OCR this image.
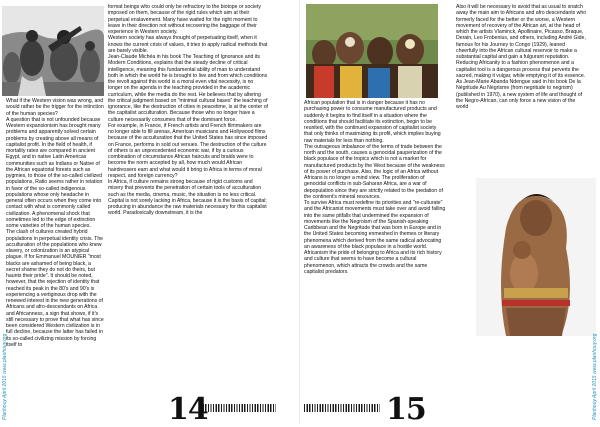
What if the Western vision was wrong, and would rather be the trigger for the intinction of the human species?

A question that is not unfounded because Western expansionism has brought many problems and apparently solved certain problems by creating above all means of capitalist profit. In the field of health, if mortality rates are compared in ancient Egypt, and in native Latin Americas communities such as Indians or Native of the African equatorial forests such as pygmies, to those of the so-called civilized populations, Ratio seems rather in relation in favor of the so-called indigenous populations whose only headache in general often occurs when they come into contact with what is commonly called civilization. A phenomenal shock that sometimes led to the edge of extinction some varieties of the human species.

The clash of cultures created hybrid populations in perpetual identity crisis. The acculturation of the populations who knew slavery, or colonization is an atypical plague. If for Emmanuel MOUNIER "most blacks are ashamed of being black, a secret shame they do not do theirs, but haunts their pride". It should be noted, however, that the rejection of identity that reached its peak in the 80's and 90's is experiencing a vertiginous drop with the renewed interest in the new generations of Africans and afro-descendants on Africa and Africanness, a sign that shows, if it's still necessary to prove that what has since been considered Western civilization is in full decline, because the latter has failed in its so-called civilizing mission by forcing itself to

format beings who could only be refractory to the biotope or society imposed on them, because of the rigid rules which aim at their perpetual enslavement. Many have waited for the right moment to leave in their direction not without recovering the baggage of their experience in Western society.

Western society has always thought of perpetuating itself, when it knows the current crisis of values, it tries to apply radical methods that are barely visible.

Jean-Claude Michéa in his book The Teaching of Ignorance and its Modern Conditions, explains that the steady decline of critical intelligence, meaning this fundamental ability of man to understand both in which the world he is brought to live and from which conditions the revolt against this world is a moral even vital necessity, is no longer on the agenda in the teaching provided in the academic curriculum, while the media do the rest. He believes that by altering the critical judgment based on "minimal cultural bases" the teaching of ignorance, like the destruction of cities in peacetime, is at the center of the capitalist acculturation. Because those who no longer have a culture necessarily consumes that of the dominant force.

For example, in France, if French artists and French filmmakers are no longer able to fill arenas, American musicians and Hollywood films because of the acculturation that the United States has since imposed on France, performs in sold out venues. The destruction of the culture of others is an unprecedented economic war, if by a curious combination of circumstance African haircuts and braids were to become the norm accepted by all, how much would African hairdressers earn and what would it bring to Africa in terms of moral respect, and foreign currency?

In Africa, if culture remains strong because of rigid customs and misery that prevents the penetration of certain tools of acculturation such as the media, cinema, music, the situation is no less critical.

Capital is not sorely lacking in Africa, because it is the basis of capital; producing in abundance the raw materials necessary for this capitalist world. Paradoxically downstream, it is the

14
Planhouy April 2015 www.planhouy.org

African population that is in danger because it has no purchasing power to consume manufactured products and suddenly it begins to find itself in a situation where the conditions that should facilitate its extinction, begin to be reunited, with the continued expansion of capitalist society that only thinks of maximizing its profit, which implies buying raw materials for less than nothing.

The outrageous imbalance of the terms of trade between the north and the south, causes a genocidal pauperization of the black populace of the tropics which is not a market for manufactured products by the West because of the weakness of its power of purchase. Also, the logic of an Africa without Africans is no longer a mind view. The proliferation of genocidal conflicts in sub-Saharan Africa, are a war of depopulation since they are strictly related to the predation of the continent's mineral resources.

To survive Africa must redefine its priorities and "re-culturate" and the Africanist movements must take over and avoid falling into the same pitfalls that undermined the expansion of movements like the Negroism of the Spanish-speaking Caribbean and the Negritude that was born in Europe and in the United States becoming enmeshed in themes or literary phenomena which derived from the same radical advocating an awareness of the black populace in a hostile world. Africanism the pride of belonging to Africa and its rich history and culture that seems to have become a cultural phenomenon, which attracts the crowds and the same capitalist predators.

Also it will be necessary to avoid that as usual to snatch away the main aim to Africans and afro descendants who formerly faced for the better or the worse, a Western movement of recovery of the African art, at the head of which the artists Vlaminck, Apollinaire, Picasso, Braque, Derain, Leo Frobenius, and others, including André Gide, famous for his Journey to Congo (1929), leaned cheerfully into the African cultural reservoir to make a substantial capital and gain a fulgurant reputation.

Reducing Africanity to a fashion phenomenon and a capitalist tool is a dangerous process that perverts the sacred, making it vulgar, while emptying it of its essence. As Jean-Marie Abanda Ndengue said in his book De la Négritude Au Négrisme (from negritude to negrism) (published in 1970), a new system of life and thought of the Negro-African, can only force a new vision of the world

15	Planhouy April 2015 www.planhouy.org
